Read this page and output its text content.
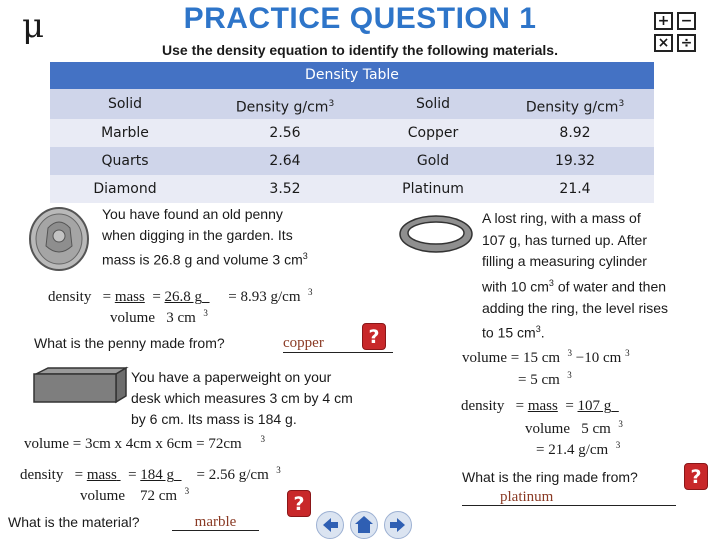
μ	PRACTICE QUESTION 1
Use the density equation to identify the following materials.
+ −
× ÷
Density Table
Solid	Density $g/cm^3$	Solid	Density $g/cm^3$
Marble	2.56	Copper	8.92
Quarts	2.64	Gold	19.32
Diamond	3.52	Platinum	21.4
You have found an old penny
when digging in the garden. Its
mass is 26.8 g and volume 3 $cm^3$
density = mass = 26.8 g = 8.93 g/cm $^3$
volume 3 cm $^3$
What is the penny made from?	copper	?
You have a paperweight on your
desk which measures 3 cm by 4 cm
by 6 cm. Its mass is 184 g.
volume = 3cm x 4cm x 6cm = 72cm $^3$
density = mass = 184 g = 2.56 g/cm $^3$
volume 72 cm $^3$
What is the material?	marble
?
A lost ring, with a mass of
107 g, has turned up. After
filling a measuring cylinder
with 10 $cm^3$ of water and then
adding the ring, the level rises
to 15 $cm^3$.
volume = 15 cm $^3$ −10 cm $^3$
= 5 cm $^3$
density = mass = 107 g
volume 5 cm $^3$
= 21.4 g/cm $^3$
What is the ring made from?
platinum
?
